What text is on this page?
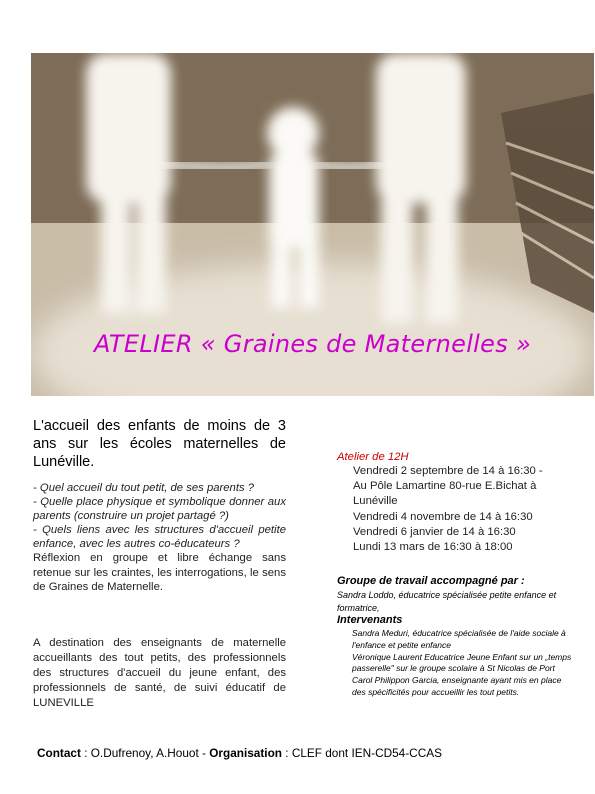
ATELIER « Graines de Maternelles »
L'accueil des enfants de moins de 3 ans sur les écoles maternelles de Lunéville.
- Quel accueil du tout petit, de ses parents ?
- Quelle place physique et symbolique donner aux parents (construire un projet partagé ?)
- Quels liens avec les structures d'accueil petite enfance, avec les autres co-éducateurs ?
Réflexion en groupe et libre échange sans retenue sur les craintes, les interrogations, le sens de Graines de Maternelle.
A destination des enseignants de maternelle accueillants des tout petits, des professionnels des structures d'accueil du jeune enfant, des professionnels de santé, de suivi éducatif de LUNEVILLE
Atelier de 12H
Vendredi 2 septembre de 14 à 16:30 -
Au Pôle Lamartine 80-rue E.Bichat à
Lunéville
Vendredi 4 novembre de 14 à 16:30
Vendredi 6 janvier de 14 à 16:30
Lundi 13 mars de 16:30 à 18:00
Groupe de travail accompagné par :
Sandra Loddo, éducatrice spécialisée petite enfance et formatrice,
Intervenants
Sandra Meduri, éducatrice spécialisée de l'aide sociale à l'enfance et petite enfance
Véronique Laurent Educatrice Jeune Enfant sur un „temps passerelle" sur le groupe scolaire à St Nicolas de Port
Carol Philippon Garcia, enseignante ayant mis en place des spécificités pour accueillir les tout petits.
Contact : O.Dufrenoy, A.Houot - Organisation : CLEF dont IEN-CD54-CCAS
